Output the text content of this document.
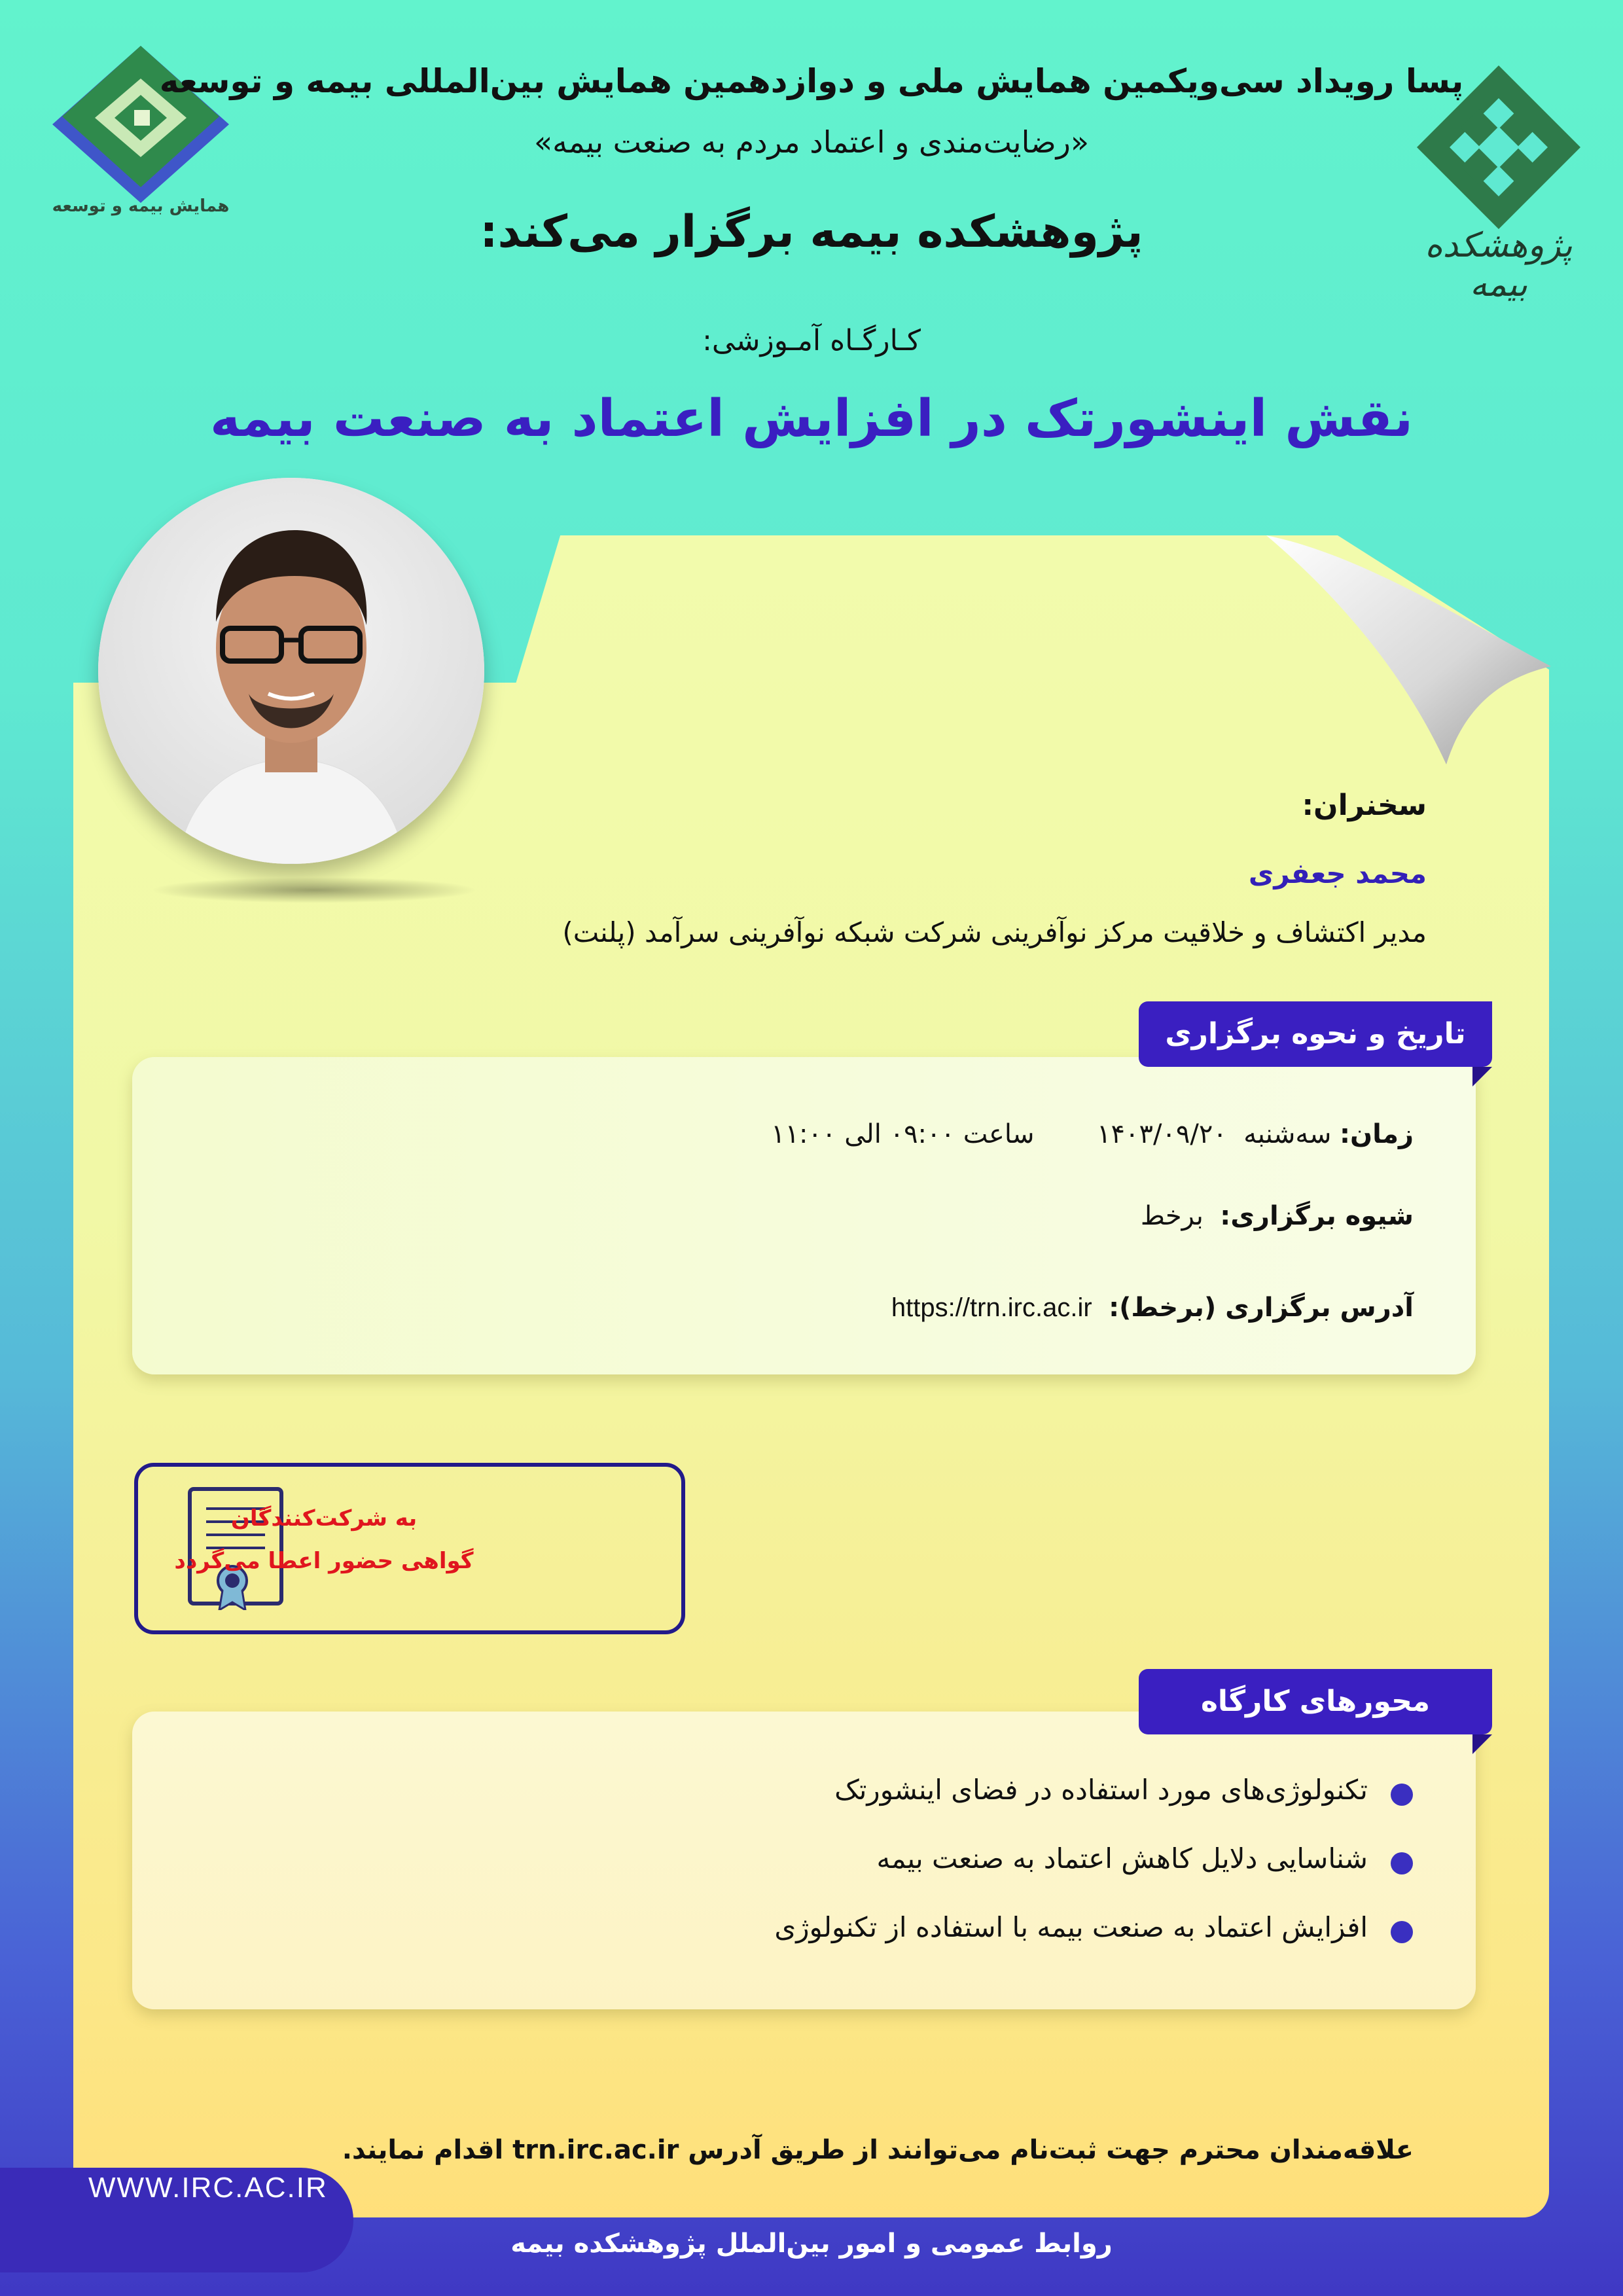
همایش بیمه و توسعه
پژوهشکده بیمه
پسا رویداد سی‌ویکمین همایش ملی و دوازدهمین همایش بین‌المللی بیمه و توسعه
«رضایت‌مندی و اعتماد مردم به صنعت بیمه»
پژوهشکده بیمه برگزار می‌کند:
کـارگـاه آمـوزشی:
نقش اینشورتک در افزایش اعتماد به صنعت بیمه
سخنران:
محمد جعفری
مدیر اکتشاف و خلاقیت مرکز نوآفرینی شرکت شبکه نوآفرینی سرآمد (پلنت)
تاریخ و نحوه برگزاری
زمان: سه‌شنبه  ۱۴۰۳/۰۹/۲۰  ساعت ۰۹:۰۰ الی ۱۱:۰۰
شیوه برگزاری:  برخط
آدرس برگزاری (برخط):  https://trn.irc.ac.ir
به شرکت‌کنندگان
گواهی حضور اعطا می‌گردد
محورهای کارگاه
تکنولوژی‌های مورد استفاده در فضای اینشورتک
شناسایی دلایل کاهش اعتماد به صنعت بیمه
افزایش اعتماد به صنعت بیمه با استفاده از تکنولوژی
علاقه‌مندان محترم جهت ثبت‌نام می‌توانند از طریق آدرس trn.irc.ac.ir اقدام نمایند.
WWW.IRC.AC.IR
روابط عمومی و امور بین‌الملل پژوهشکده بیمه
